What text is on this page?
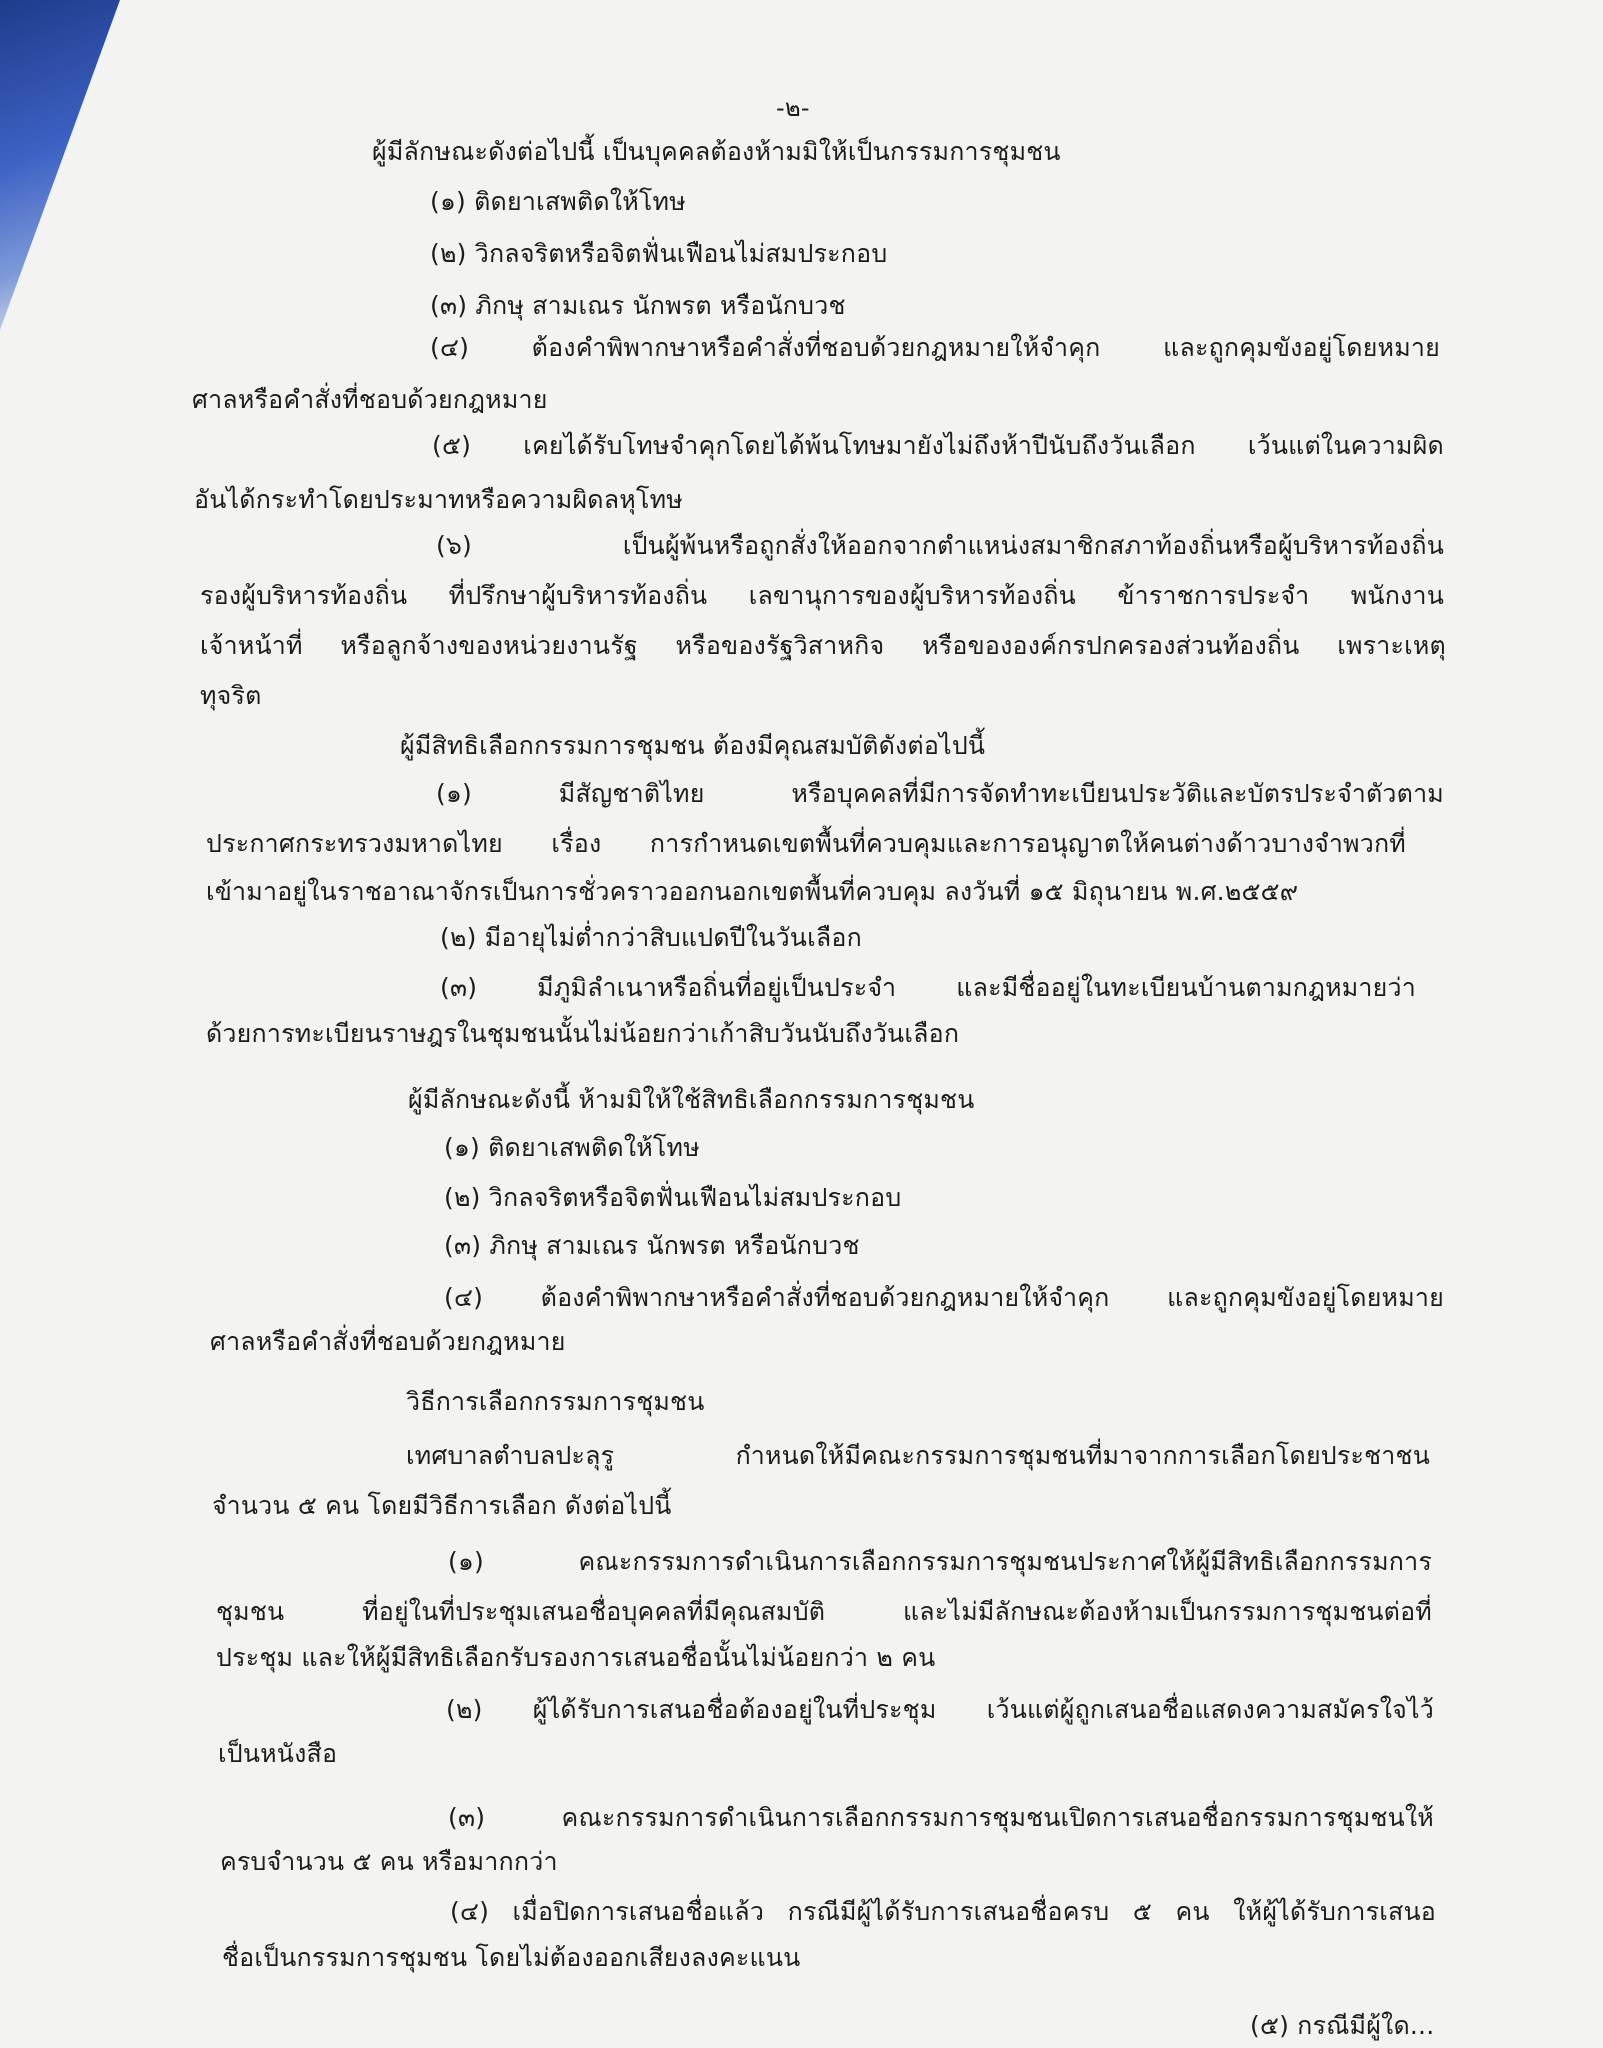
-๒-
ผู้มีลักษณะดังต่อไปนี้ เป็นบุคคลต้องห้ามมิให้เป็นกรรมการชุมชน
(๑) ติดยาเสพติดให้โทษ
(๒) วิกลจริตหรือจิตฟั่นเฟือนไม่สมประกอบ
(๓) ภิกษุ สามเณร นักพรต หรือนักบวช
(๔) ต้องคำพิพากษาหรือคำสั่งที่ชอบด้วยกฎหมายให้จำคุก และถูกคุมขังอยู่โดยหมาย
ศาลหรือคำสั่งที่ชอบด้วยกฎหมาย
(๕) เคยได้รับโทษจำคุกโดยได้พ้นโทษมายังไม่ถึงห้าปีนับถึงวันเลือก เว้นแต่ในความผิด
อันได้กระทำโดยประมาทหรือความผิดลหุโทษ
(๖) เป็นผู้พ้นหรือถูกสั่งให้ออกจากตำแหน่งสมาชิกสภาท้องถิ่นหรือผู้บริหารท้องถิ่น
รองผู้บริหารท้องถิ่น ที่ปรึกษาผู้บริหารท้องถิ่น เลขานุการของผู้บริหารท้องถิ่น ข้าราชการประจำ พนักงาน
เจ้าหน้าที่ หรือลูกจ้างของหน่วยงานรัฐ หรือของรัฐวิสาหกิจ หรือขององค์กรปกครองส่วนท้องถิ่น เพราะเหตุ
ทุจริต
ผู้มีสิทธิเลือกกรรมการชุมชน ต้องมีคุณสมบัติดังต่อไปนี้
(๑) มีสัญชาติไทย หรือบุคคลที่มีการจัดทำทะเบียนประวัติและบัตรประจำตัวตาม
ประกาศกระทรวงมหาดไทย เรื่อง การกำหนดเขตพื้นที่ควบคุมและการอนุญาตให้คนต่างด้าวบางจำพวกที่
เข้ามาอยู่ในราชอาณาจักรเป็นการชั่วคราวออกนอกเขตพื้นที่ควบคุม ลงวันที่ ๑๕ มิถุนายน พ.ศ.๒๕๕๙
(๒) มีอายุไม่ต่ำกว่าสิบแปดปีในวันเลือก
(๓) มีภูมิลำเนาหรือถิ่นที่อยู่เป็นประจำ และมีชื่ออยู่ในทะเบียนบ้านตามกฎหมายว่า
ด้วยการทะเบียนราษฎรในชุมชนนั้นไม่น้อยกว่าเก้าสิบวันนับถึงวันเลือก
ผู้มีลักษณะดังนี้ ห้ามมิให้ใช้สิทธิเลือกกรรมการชุมชน
(๑) ติดยาเสพติดให้โทษ
(๒) วิกลจริตหรือจิตฟั่นเฟือนไม่สมประกอบ
(๓) ภิกษุ สามเณร นักพรต หรือนักบวช
(๔) ต้องคำพิพากษาหรือคำสั่งที่ชอบด้วยกฎหมายให้จำคุก และถูกคุมขังอยู่โดยหมาย
ศาลหรือคำสั่งที่ชอบด้วยกฎหมาย
วิธีการเลือกกรรมการชุมชน
เทศบาลตำบลปะลุรู กำหนดให้มีคณะกรรมการชุมชนที่มาจากการเลือกโดยประชาชน
จำนวน ๕ คน โดยมีวิธีการเลือก ดังต่อไปนี้
(๑) คณะกรรมการดำเนินการเลือกกรรมการชุมชนประกาศให้ผู้มีสิทธิเลือกกรรมการ
ชุมชน ที่อยู่ในที่ประชุมเสนอชื่อบุคคลที่มีคุณสมบัติ และไม่มีลักษณะต้องห้ามเป็นกรรมการชุมชนต่อที่
ประชุม และให้ผู้มีสิทธิเลือกรับรองการเสนอชื่อนั้นไม่น้อยกว่า ๒ คน
(๒) ผู้ได้รับการเสนอชื่อต้องอยู่ในที่ประชุม เว้นแต่ผู้ถูกเสนอชื่อแสดงความสมัครใจไว้
เป็นหนังสือ
(๓) คณะกรรมการดำเนินการเลือกกรรมการชุมชนเปิดการเสนอชื่อกรรมการชุมชนให้
ครบจำนวน ๕ คน หรือมากกว่า
(๔) เมื่อปิดการเสนอชื่อแล้ว กรณีมีผู้ได้รับการเสนอชื่อครบ ๕ คน ให้ผู้ได้รับการเสนอ
ชื่อเป็นกรรมการชุมชน โดยไม่ต้องออกเสียงลงคะแนน
(๕) กรณีมีผู้ใด...
